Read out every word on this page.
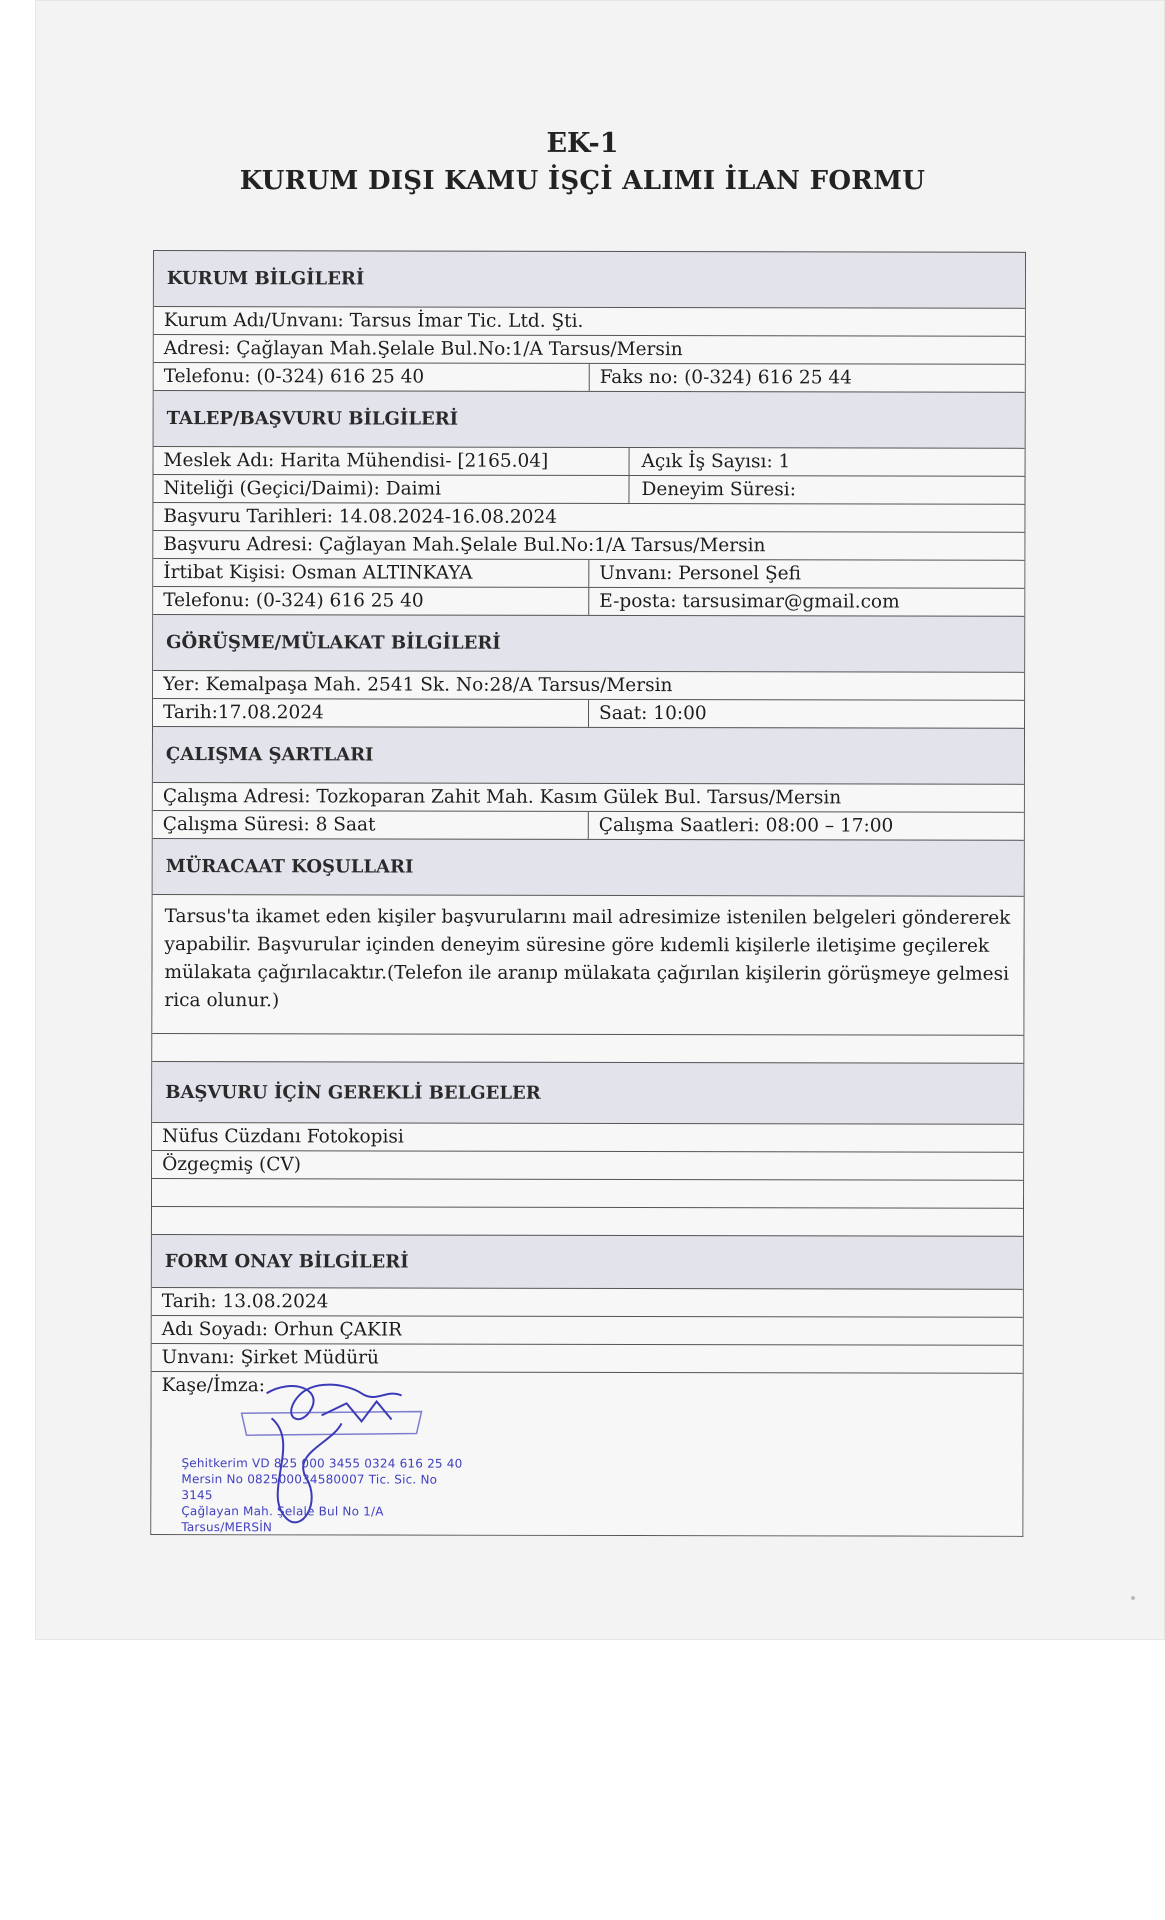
EK-1
KURUM DIŞI KAMU İŞÇİ ALIMI İLAN FORMU
KURUM BİLGİLERİ
Kurum Adı/Unvanı: Tarsus İmar Tic. Ltd. Şti.
Adresi: Çağlayan Mah.Şelale Bul.No:1/A Tarsus/Mersin
Telefonu: (0-324) 616 25 40	Faks no: (0-324) 616 25 44
TALEP/BAŞVURU BİLGİLERİ
Meslek Adı: Harita Mühendisi- [2165.04]	Açık İş Sayısı: 1
Niteliği (Geçici/Daimi): Daimi	Deneyim Süresi:
Başvuru Tarihleri: 14.08.2024-16.08.2024
Başvuru Adresi: Çağlayan Mah.Şelale Bul.No:1/A Tarsus/Mersin
İrtibat Kişisi: Osman ALTINKAYA	Unvanı: Personel Şefi
Telefonu: (0-324) 616 25 40	E-posta: tarsusimar@gmail.com
GÖRÜŞME/MÜLAKAT BİLGİLERİ
Yer: Kemalpaşa Mah. 2541 Sk. No:28/A Tarsus/Mersin
Tarih:17.08.2024	Saat: 10:00
ÇALIŞMA ŞARTLARI
Çalışma Adresi: Tozkoparan Zahit Mah. Kasım Gülek Bul. Tarsus/Mersin
Çalışma Süresi: 8 Saat	Çalışma Saatleri: 08:00 – 17:00
MÜRACAAT KOŞULLARI
Tarsus'ta ikamet eden kişiler başvurularını mail adresimize istenilen belgeleri göndererek yapabilir. Başvurular içinden deneyim süresine göre kıdemli kişilerle iletişime geçilerek mülakata çağırılacaktır.(Telefon ile aranıp mülakata çağırılan kişilerin görüşmeye gelmesi rica olunur.)
BAŞVURU İÇİN GEREKLİ BELGELER
Nüfus Cüzdanı Fotokopisi
Özgeçmiş (CV)
FORM ONAY BİLGİLERİ
Tarih: 13.08.2024
Adı Soyadı: Orhun ÇAKIR
Unvanı: Şirket Müdürü
Kaşe/İmza:
Şehitkerim VD 825 000 3455 0324 616 25 40
Mersin No 082500034580007 Tic. Sic. No 3145
Çağlayan Mah. Şelale Bul No 1/A Tarsus/MERSİN
